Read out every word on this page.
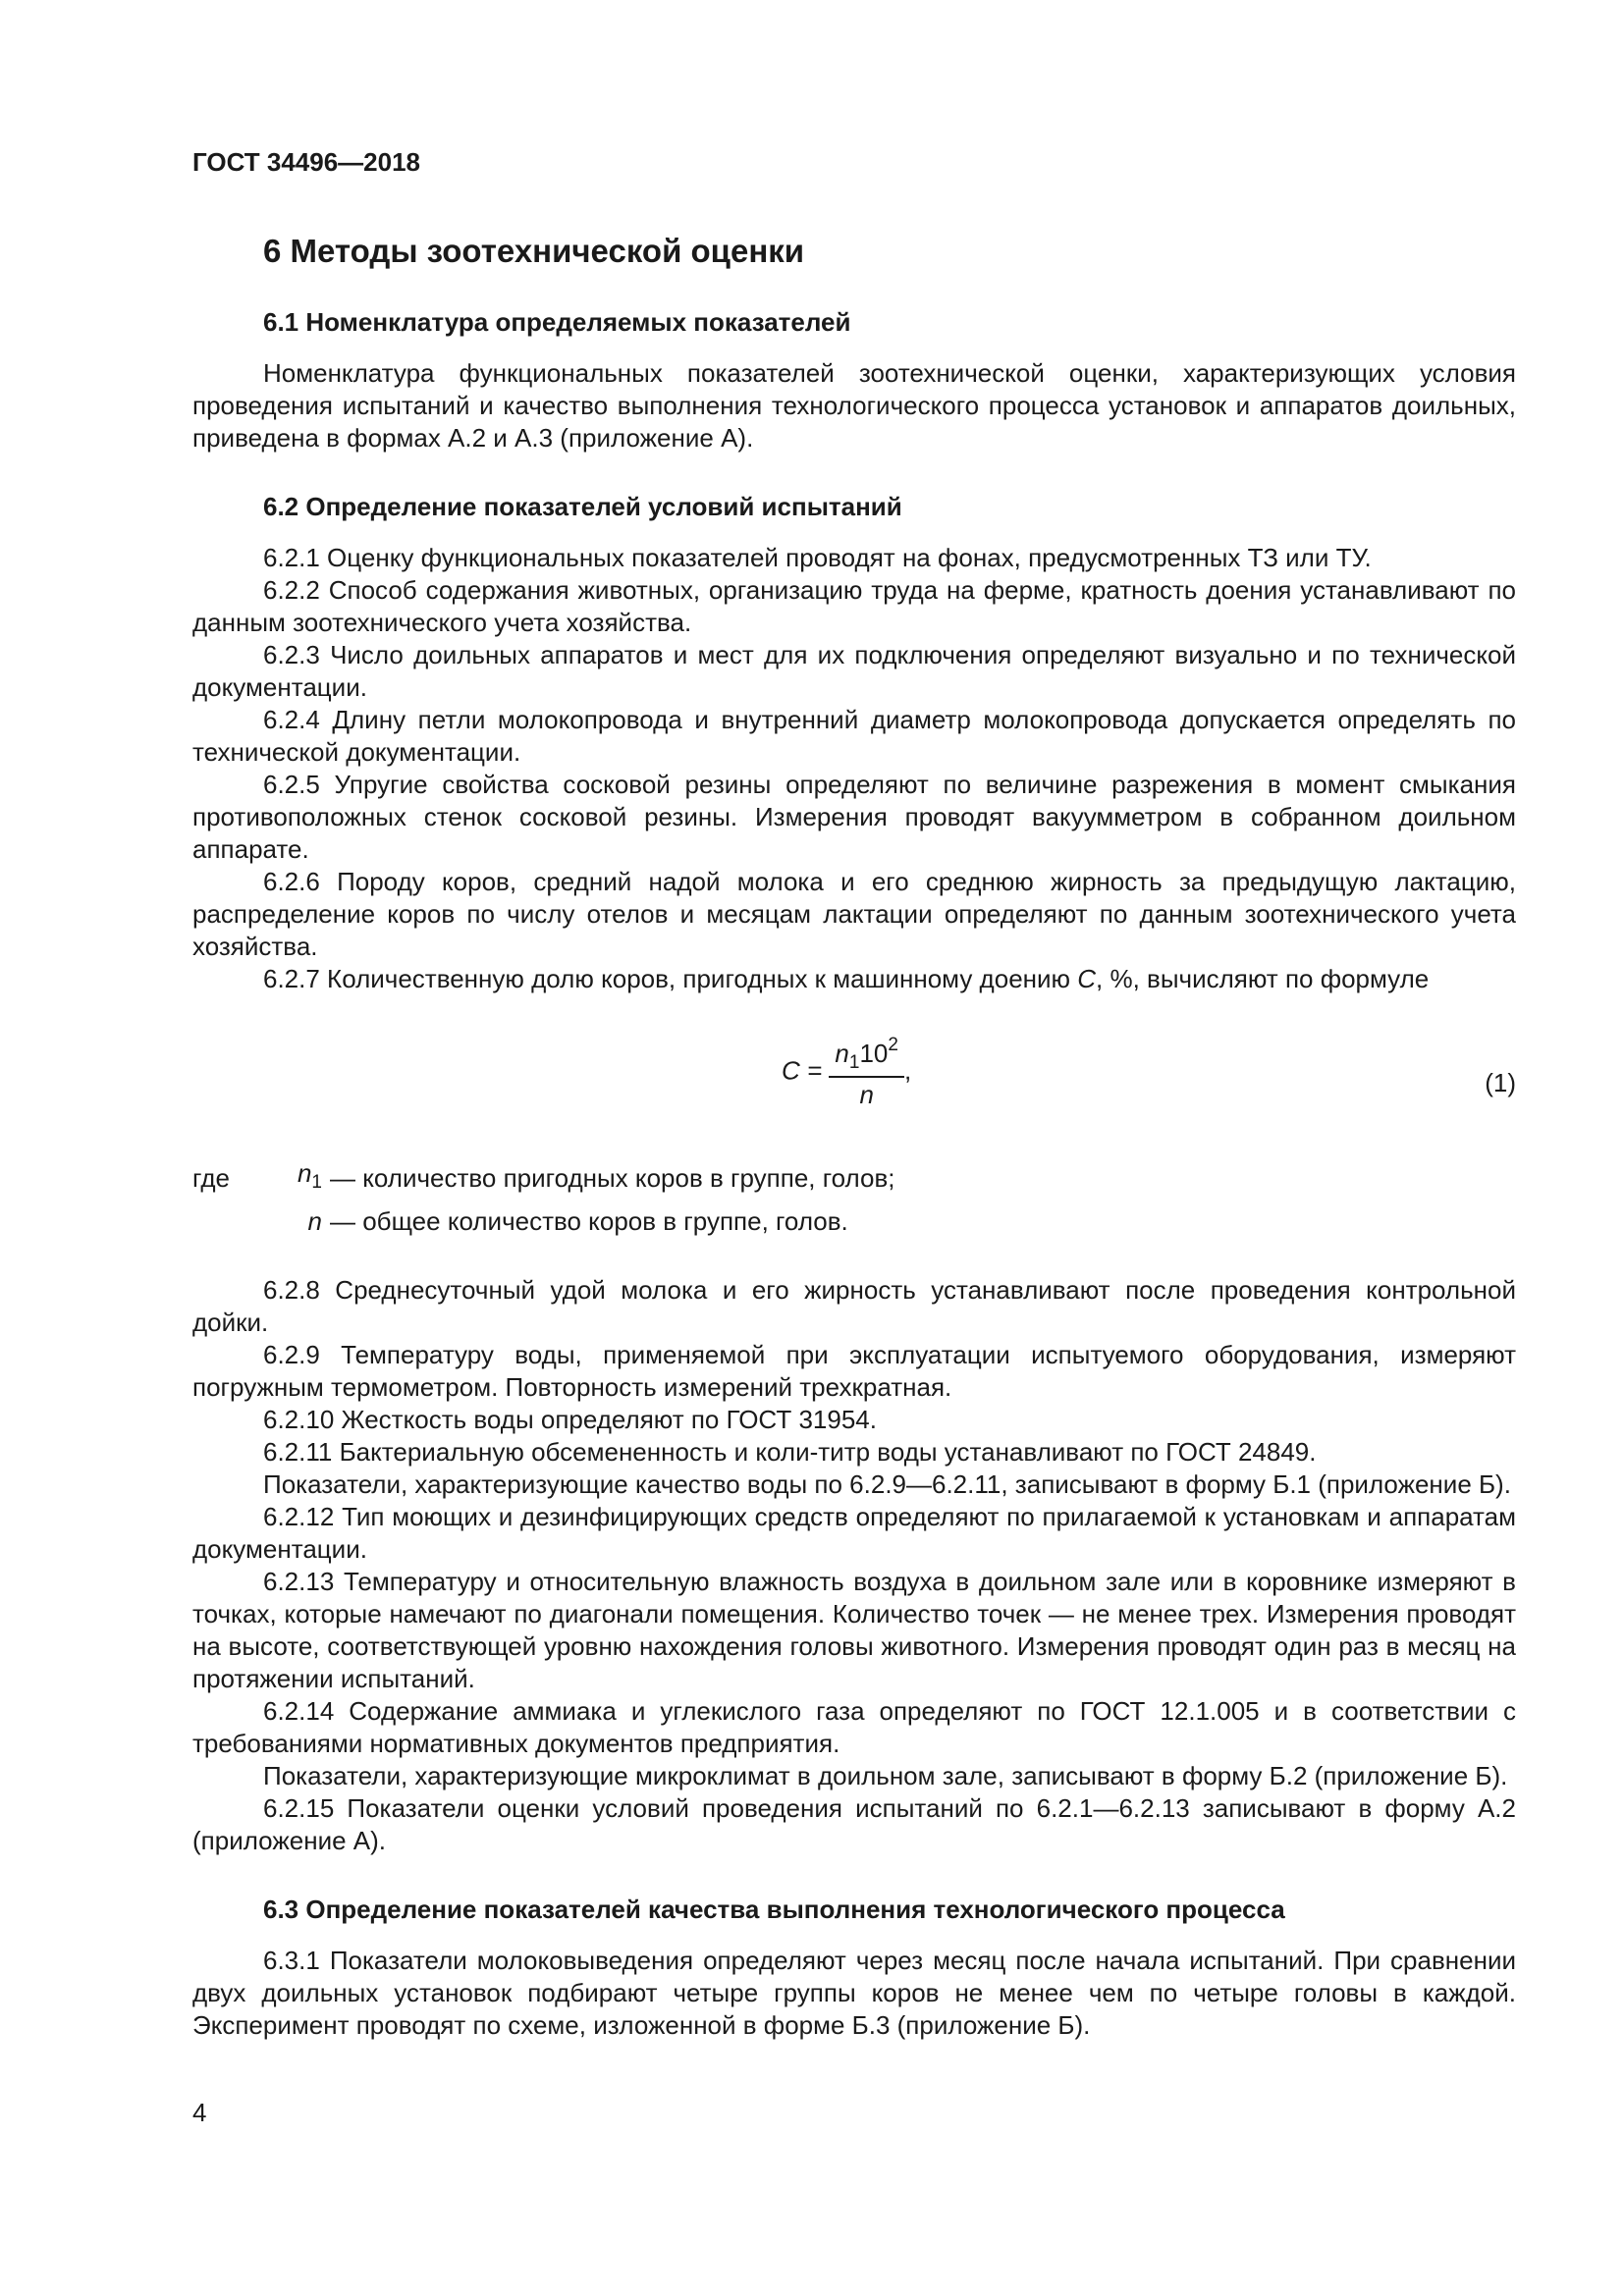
ГОСТ 34496—2018
6 Методы зоотехнической оценки
6.1 Номенклатура определяемых показателей

Номенклатура функциональных показателей зоотехнической оценки, характеризующих условия проведения испытаний и качество выполнения технологического процесса установок и аппаратов доильных, приведена в формах А.2 и А.3 (приложение А).

6.2 Определение показателей условий испытаний

6.2.1 Оценку функциональных показателей проводят на фонах, предусмотренных ТЗ или ТУ.

6.2.2 Способ содержания животных, организацию труда на ферме, кратность доения устанавливают по данным зоотехнического учета хозяйства.

6.2.3 Число доильных аппаратов и мест для их подключения определяют визуально и по технической документации.

6.2.4 Длину петли молокопровода и внутренний диаметр молокопровода допускается определять по технической документации.

6.2.5 Упругие свойства сосковой резины определяют по величине разрежения в момент смыкания противоположных стенок сосковой резины. Измерения проводят вакуумметром в собранном доильном аппарате.

6.2.6 Породу коров, средний надой молока и его среднюю жирность за предыдущую лактацию, распределение коров по числу отелов и месяцам лактации определяют по данным зоотехнического учета хозяйства.

6.2.7 Количественную долю коров, пригодных к машинному доению С, %, вычисляют по формуле

$С = \frac{n_110^2}{n}$ ,	(1)
где	$n_1$ — количество пригодных коров в группе, голов;
n — общее количество коров в группе, голов.

6.2.8 Среднесуточный удой молока и его жирность устанавливают после проведения контрольной дойки.

6.2.9 Температуру воды, применяемой при эксплуатации испытуемого оборудования, измеряют погружным термометром. Повторность измерений трехкратная.

6.2.10 Жесткость воды определяют по ГОСТ 31954.

6.2.11 Бактериальную обсемененность и коли-титр воды устанавливают по ГОСТ 24849.

Показатели, характеризующие качество воды по 6.2.9—6.2.11, записывают в форму Б.1 (приложение Б).

6.2.12 Тип моющих и дезинфицирующих средств определяют по прилагаемой к установкам и аппаратам документации.

6.2.13 Температуру и относительную влажность воздуха в доильном зале или в коровнике измеряют в точках, которые намечают по диагонали помещения. Количество точек — не менее трех. Измерения проводят на высоте, соответствующей уровню нахождения головы животного. Измерения проводят один раз в месяц на протяжении испытаний.

6.2.14 Содержание аммиака и углекислого газа определяют по ГОСТ 12.1.005 и в соответствии с требованиями нормативных документов предприятия.

Показатели, характеризующие микроклимат в доильном зале, записывают в форму Б.2 (приложение Б).

6.2.15 Показатели оценки условий проведения испытаний по 6.2.1—6.2.13 записывают в форму А.2 (приложение А).

6.3 Определение показателей качества выполнения технологического процесса

6.3.1 Показатели молоковыведения определяют через месяц после начала испытаний. При сравнении двух доильных установок подбирают четыре группы коров не менее чем по четыре головы в каждой. Эксперимент проводят по схеме, изложенной в форме Б.3 (приложение Б).

4
